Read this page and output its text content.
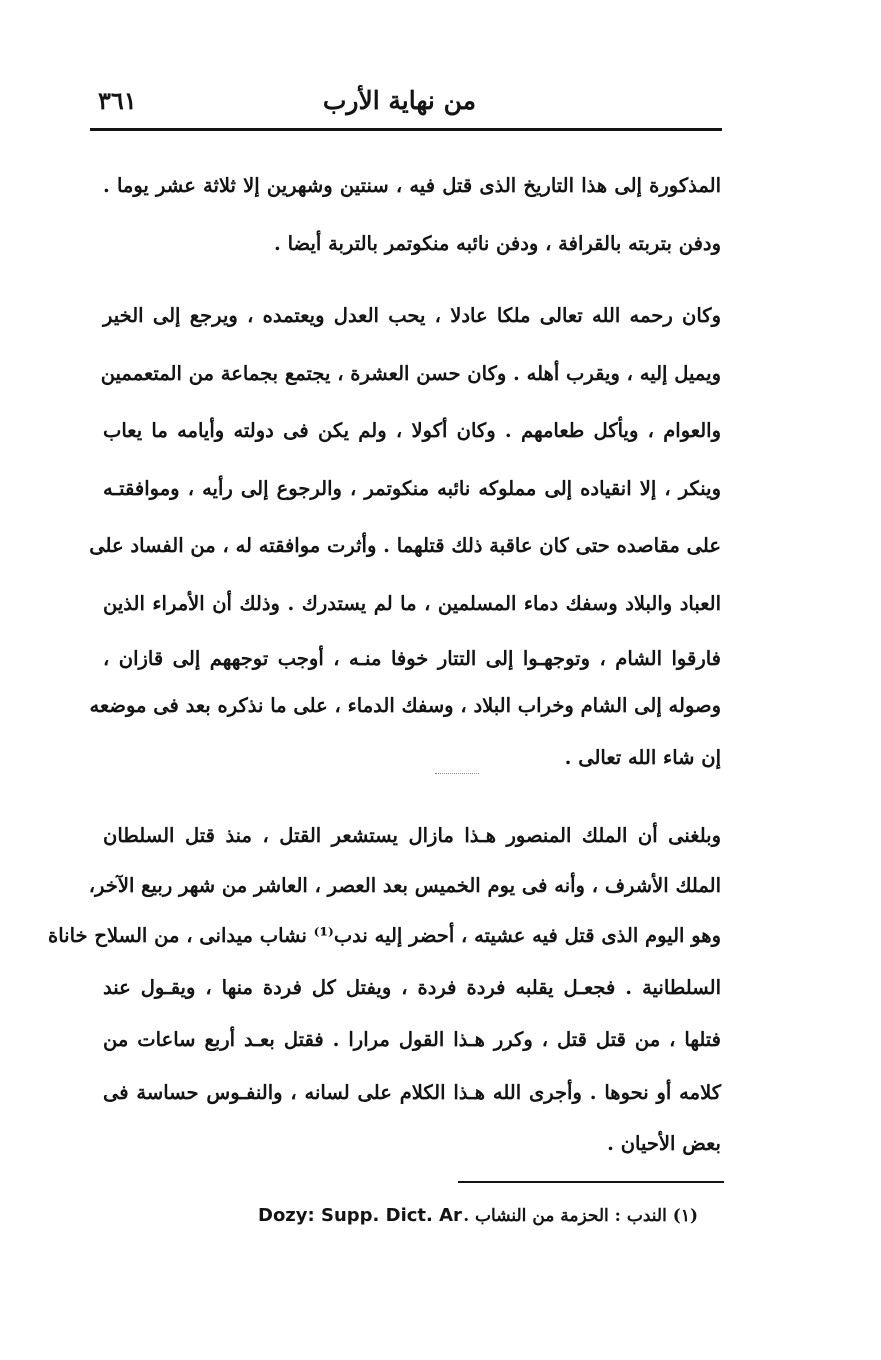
من نهاية الأرب
٣٦١
المذكورة إلى هذا التاريخ الذى قتل فيه ، سنتين وشهرين إلا ثلاثة عشر يوما .
ودفن بتربته بالقرافة ، ودفن نائبه منكوتمر بالتربة أيضا .
وكان رحمه الله تعالى ملكا عادلا ، يحب العدل ويعتمده ، ويرجع إلى الخير
ويميل إليه ، ويقرب أهله . وكان حسن العشرة ، يجتمع بجماعة من المتعممين
والعوام ، ويأكل طعامهم . وكان أكولا ، ولم يكن فى دولته وأيامه ما يعاب
وينكر ، إلا انقياده إلى مملوكه نائبه منكوتمر ، والرجوع إلى رأيه ، وموافقتـه
على مقاصده حتى كان عاقبة ذلك قتلهما . وأثرت موافقته له ، من الفساد على
العباد والبلاد وسفك دماء المسلمين ، ما لم يستدرك . وذلك أن الأمراء الذين
فارقوا الشام ، وتوجهـوا إلى التتار خوفا منـه ، أوجب توجههم إلى قازان ،
وصوله إلى الشام وخراب البلاد ، وسفك الدماء ، على ما نذكره بعد فى موضعه
إن شاء الله تعالى .
وبلغنى أن الملك المنصور هـذا مازال يستشعر القتل ، منذ قتل السلطان
الملك الأشرف ، وأنه فى يوم الخميس بعد العصر ، العاشر من شهر ربيع الآخر،
وهو اليوم الذى قتل فيه عشيته ، أحضر إليه ندب⁽¹⁾ نشاب ميدانى ، من السلاح خاناة
السلطانية . فجعـل يقلبه فردة فردة ، ويفتل كل فردة منها ، ويقـول عند
فتلها ، من قتل قتل ، وكرر هـذا القول مرارا . فقتل بعـد أربع ساعات من
كلامه أو نحوها . وأجرى الله هـذا الكلام على لسانه ، والنفـوس حساسة فى
بعض الأحيان .
Dozy: Supp. Dict. Ar (١) الندب : الحزمة من النشاب .
